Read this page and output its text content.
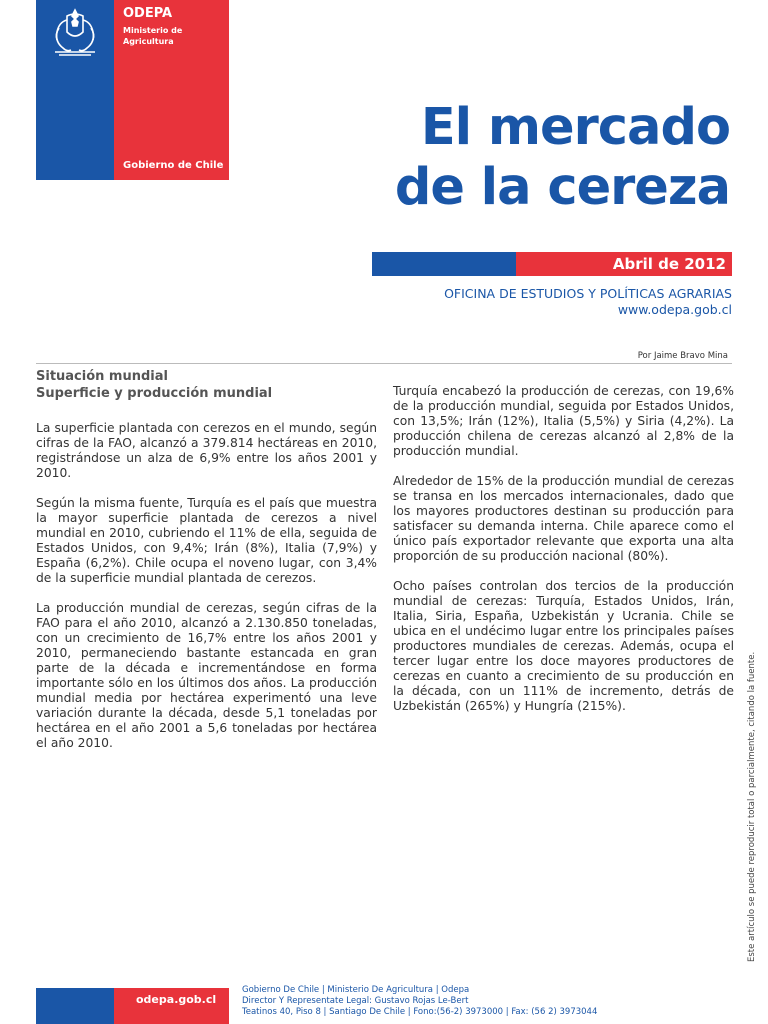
ODEPA
Ministerio de
Agricultura
Gobierno de Chile
El mercado
de la cereza
Abril de 2012
OFICINA DE ESTUDIOS Y POLÍTICAS AGRARIAS
www.odepa.gob.cl
Por Jaime Bravo Mina
Situación mundial
Superficie y producción mundial

La superficie plantada con cerezos en el mundo, según cifras de la FAO, alcanzó a 379.814 hectáreas en 2010, registrándose un alza de 6,9% entre los años 2001 y 2010.

Según la misma fuente, Turquía es el país que muestra la mayor superficie plantada de cerezos a nivel mundial en 2010, cubriendo el 11% de ella, seguida de Estados Unidos, con 9,4%; Irán (8%), Italia (7,9%) y España (6,2%). Chile ocupa el noveno lugar, con 3,4% de la superficie mundial plantada de cerezos.

La producción mundial de cerezas, según cifras de la FAO para el año 2010, alcanzó a 2.130.850 toneladas, con un crecimiento de 16,7% entre los años 2001 y 2010, permaneciendo bastante estancada en gran parte de la década e incrementándose en forma importante sólo en los últimos dos años. La producción mundial media por hectárea experimentó una leve variación durante la década, desde 5,1 toneladas por hectárea en el año 2001 a 5,6 toneladas por hectárea el año 2010.

Turquía encabezó la producción de cerezas, con 19,6% de la producción mundial, seguida por Estados Unidos, con 13,5%; Irán (12%), Italia (5,5%) y Siria (4,2%). La producción chilena de cerezas alcanzó al 2,8% de la producción mundial.

Alrededor de 15% de la producción mundial de cerezas se transa en los mercados internacionales, dado que los mayores productores destinan su producción para satisfacer su demanda interna. Chile aparece como el único país exportador relevante que exporta una alta proporción de su producción nacional (80%).

Ocho países controlan dos tercios de la producción mundial de cerezas: Turquía, Estados Unidos, Irán, Italia, Siria, España, Uzbekistán y Ucrania. Chile se ubica en el undécimo lugar entre los principales países productores mundiales de cerezas. Además, ocupa el tercer lugar entre los doce mayores productores de cerezas en cuanto a crecimiento de su producción en la década, con un 111% de incremento, detrás de Uzbekistán (265%) y Hungría (215%).	Este artículo se puede reproducir total o parcialmente, citando la fuente.
odepa.gob.cl
Gobierno De Chile | Ministerio De Agricultura | Odepa
Director Y Representate Legal: Gustavo Rojas Le-Bert
Teatinos 40, Piso 8 | Santiago De Chile | Fono:(56-2) 3973000 | Fax: (56 2) 3973044
